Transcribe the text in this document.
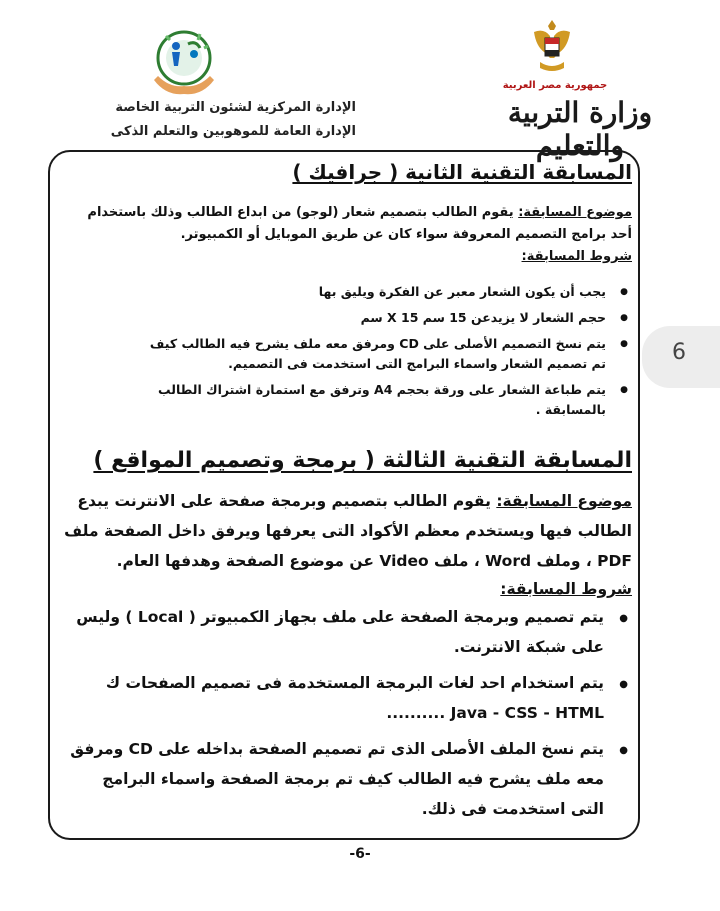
جمهورية مصر العربية
وزارة التربية والتعليم
الإدارة المركزية لشئون التربية الخاصة
الإدارة العامة للموهوبين والتعلم الذكى
6
المسابقة التقنية الثانية ( جرافيك )
موضوع المسابقة: يقوم الطالب بتصميم شعار (لوجو) من ابداع الطالب وذلك باستخدام
أحد برامج التصميم المعروفة سواء كان عن طريق الموبايل أو الكمبيوتر.
شروط المسابقة:
● يجب أن يكون الشعار معبر عن الفكرة ويليق بها
● حجم الشعار لا يزيدعن 15 سم X 15 سم
● يتم نسخ التصميم الأصلى على CD ومرفق معه ملف يشرح فيه الطالب كيف تم تصميم الشعار واسماء البرامج التى استخدمت فى التصميم.
● يتم طباعة الشعار على ورقة بحجم A4 وترفق مع استمارة اشتراك الطالب بالمسابقة .
المسابقة التقنية الثالثة ( برمجة وتصميم المواقع )
موضوع المسابقة: يقوم الطالب بتصميم وبرمجة صفحة على الانترنت يبدع الطالب فيها ويستخدم معظم الأكواد التى يعرفها ويرفق داخل الصفحة ملف PDF ، وملف Word ، ملف Video عن موضوع الصفحة وهدفها العام.
شروط المسابقة:
● يتم تصميم وبرمجة الصفحة على ملف بجهاز الكمبيوتر ( Local ) وليس على شبكة الانترنت.
● يتم استخدام احد لغات البرمجة المستخدمة فى تصميم الصفحات ك Java - CSS - HTML ..........
● يتم نسخ الملف الأصلى الذى تم تصميم الصفحة بداخله على CD ومرفق معه ملف يشرح فيه الطالب كيف تم برمجة الصفحة واسماء البرامج التى استخدمت فى ذلك.
-6-
